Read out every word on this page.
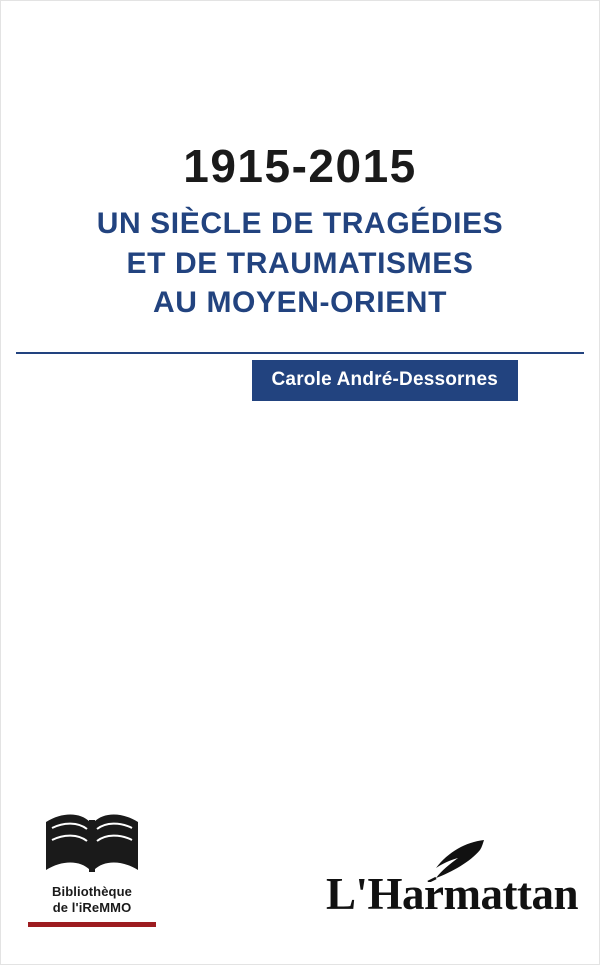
1915-2015
UN SIÈCLE DE TRAGÉDIES
ET DE TRAUMATISMES
AU MOYEN-ORIENT
Carole André-Dessornes
Bibliothèque
de l'iReMMO	L'Harmattan
